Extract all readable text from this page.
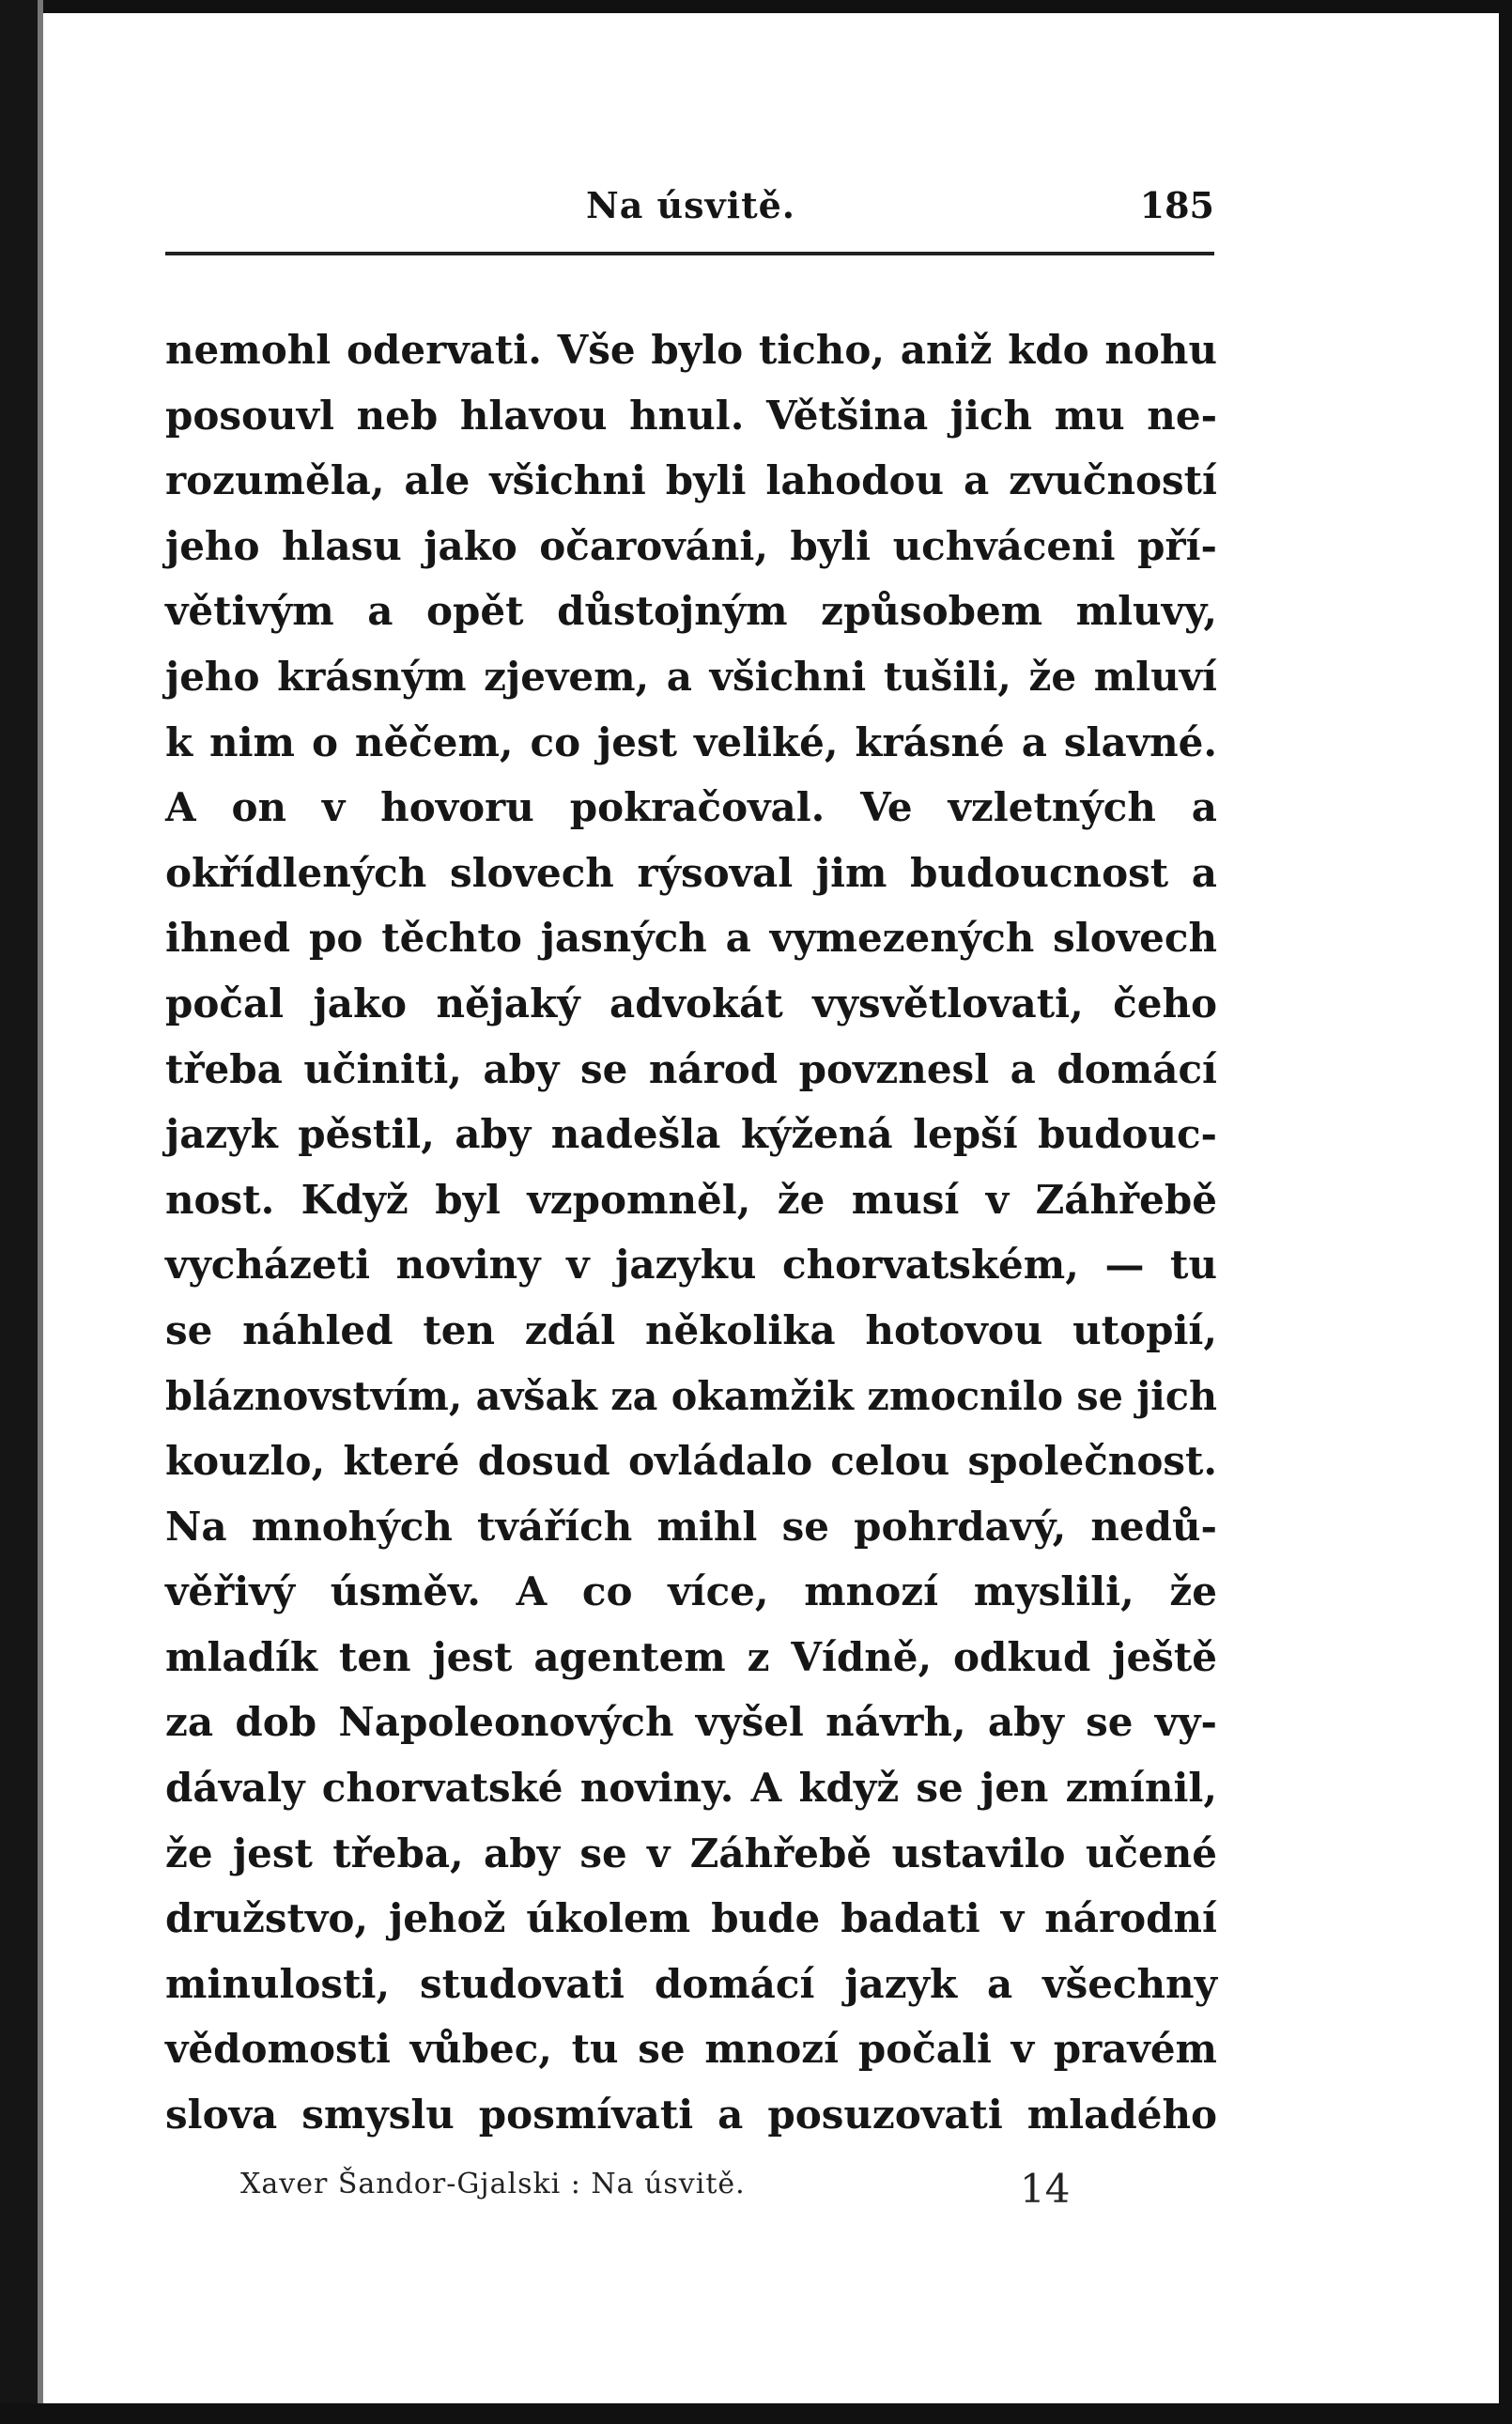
Na úsvitě.	185
nemohl odervati. Vše bylo ticho, aniž kdo nohu
posouvl neb hlavou hnul. Většina jich mu ne-
rozuměla, ale všichni byli lahodou a zvučností
jeho hlasu jako očarováni, byli uchváceni pří-
větivým a opět důstojným způsobem mluvy,
jeho krásným zjevem, a všichni tušili, že mluví
k nim o něčem, co jest veliké, krásné a slavné.
A on v hovoru pokračoval. Ve vzletných a
okřídlených slovech rýsoval jim budoucnost a
ihned po těchto jasných a vymezených slovech
počal jako nějaký advokát vysvětlovati, čeho
třeba učiniti, aby se národ povznesl a domácí
jazyk pěstil, aby nadešla kýžená lepší budouc-
nost. Když byl vzpomněl, že musí v Záhřebě
vycházeti noviny v jazyku chorvatském, — tu
se náhled ten zdál několika hotovou utopií,
bláznovstvím, avšak za okamžik zmocnilo se jich
kouzlo, které dosud ovládalo celou společnost.
Na mnohých tvářích mihl se pohrdavý, nedů-
věřivý úsměv. A co více, mnozí myslili, že
mladík ten jest agentem z Vídně, odkud ještě
za dob Napoleonových vyšel návrh, aby se vy-
dávaly chorvatské noviny. A když se jen zmínil,
že jest třeba, aby se v Záhřebě ustavilo učené
družstvo, jehož úkolem bude badati v národní
minulosti, studovati domácí jazyk a všechny
vědomosti vůbec, tu se mnozí počali v pravém
slova smyslu posmívati a posuzovati mladého
Xaver Šandor-Gjalski : Na úsvitě.	14
